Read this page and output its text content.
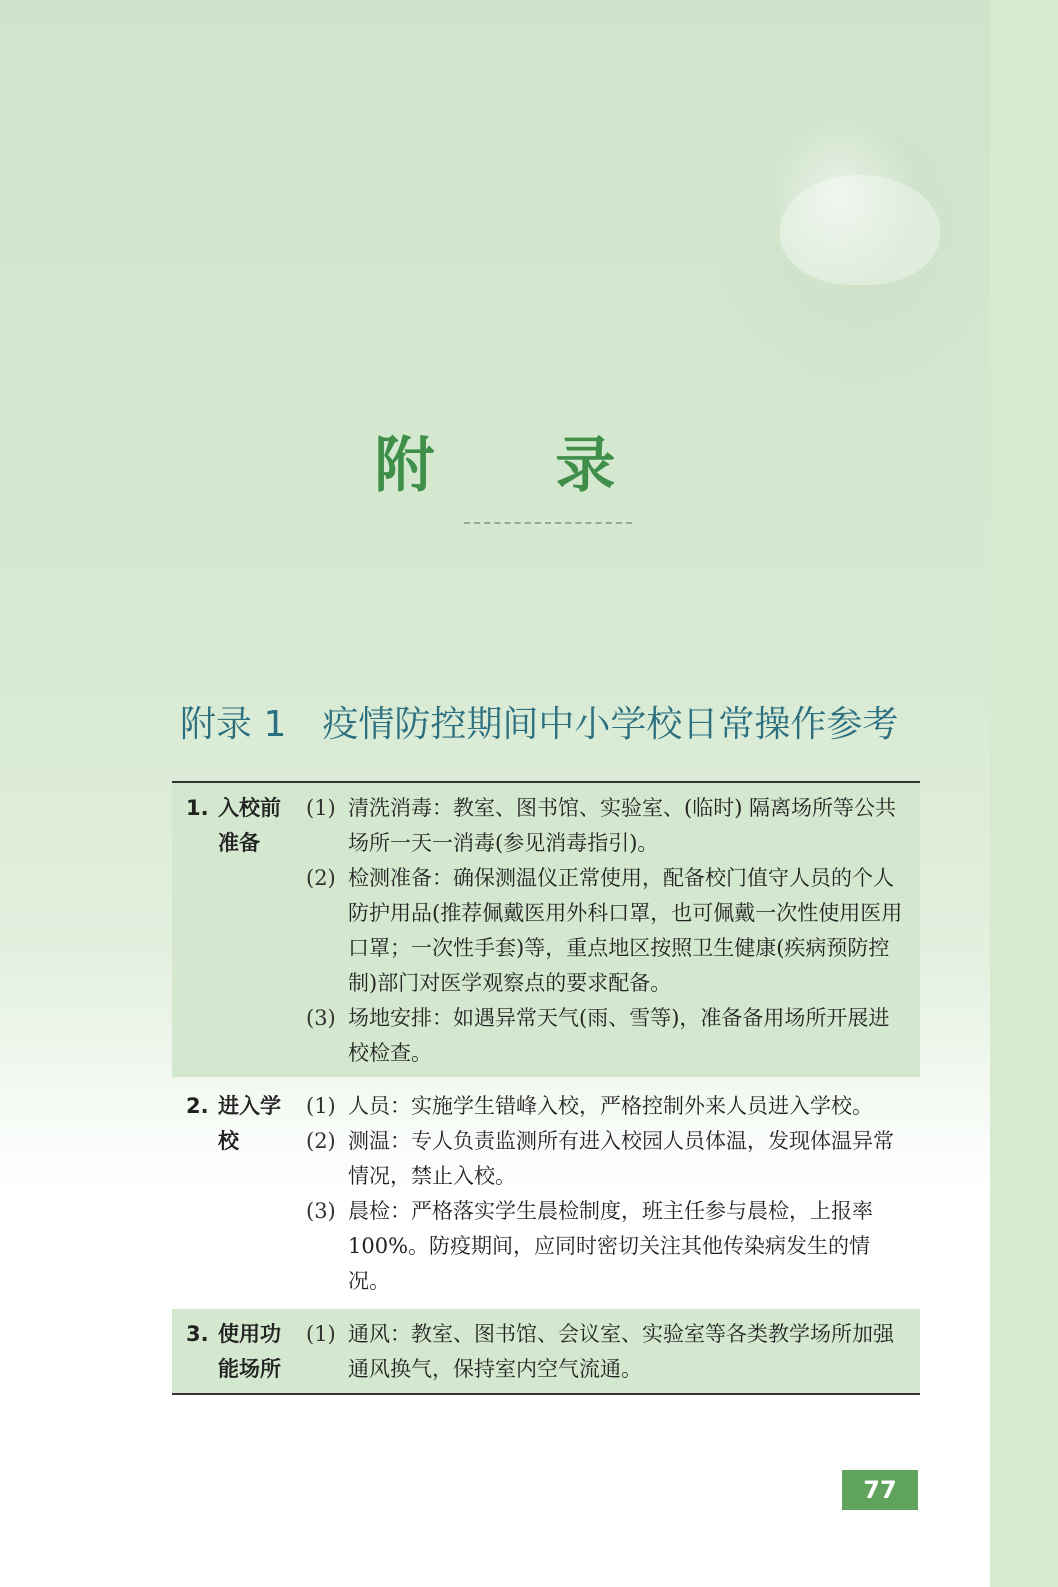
附 录
附录 1 疫情防控期间中小学校日常操作参考
1. 入校前准备
(1) 清洗消毒：教室、图书馆、实验室、(临时) 隔离场所等公共场所一天一消毒(参见消毒指引)。
(2) 检测准备：确保测温仪正常使用，配备校门值守人员的个人防护用品(推荐佩戴医用外科口罩，也可佩戴一次性使用医用口罩；一次性手套)等，重点地区按照卫生健康(疾病预防控制)部门对医学观察点的要求配备。
(3) 场地安排：如遇异常天气(雨、雪等)，准备备用场所开展进校检查。
2. 进入学校
(1) 人员：实施学生错峰入校，严格控制外来人员进入学校。
(2) 测温：专人负责监测所有进入校园人员体温，发现体温异常情况，禁止入校。
(3) 晨检：严格落实学生晨检制度，班主任参与晨检，上报率 100%。防疫期间，应同时密切关注其他传染病发生的情况。
3. 使用功能场所
(1) 通风：教室、图书馆、会议室、实验室等各类教学场所加强通风换气，保持室内空气流通。
77
